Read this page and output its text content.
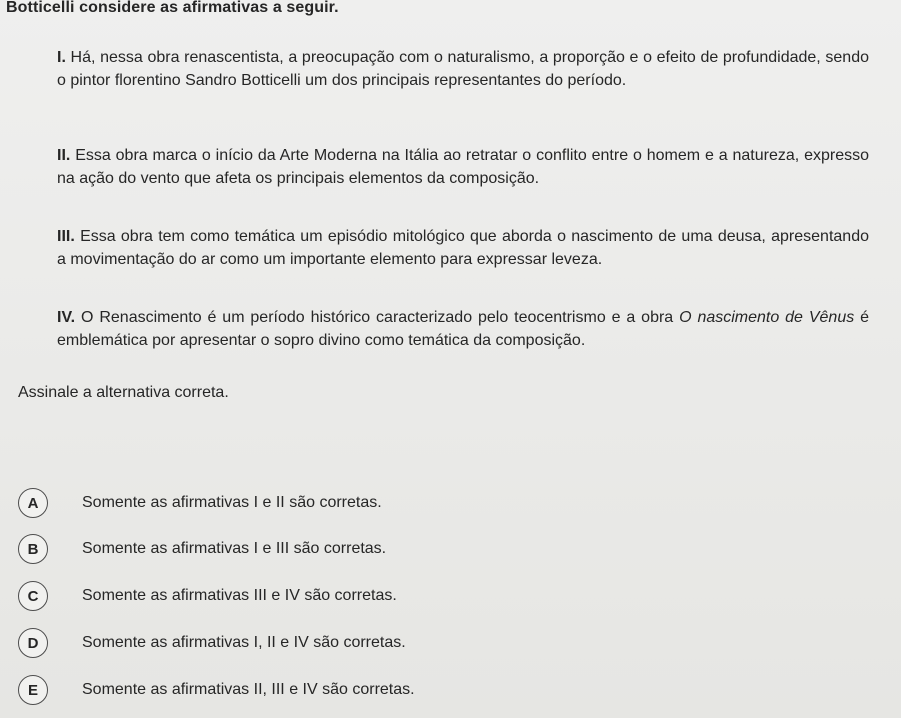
Botticelli considere as afirmativas a seguir.
I. Há, nessa obra renascentista, a preocupação com o naturalismo, a proporção e o efeito de profundidade, sendo o pintor florentino Sandro Botticelli um dos principais representantes do período.
II. Essa obra marca o início da Arte Moderna na Itália ao retratar o conflito entre o homem e a natureza, expresso na ação do vento que afeta os principais elementos da composição.
III. Essa obra tem como temática um episódio mitológico que aborda o nascimento de uma deusa, apresentando a movimentação do ar como um importante elemento para expressar leveza.
IV. O Renascimento é um período histórico caracterizado pelo teocentrismo e a obra O nascimento de Vênus é emblemática por apresentar o sopro divino como temática da composição.
Assinale a alternativa correta.
A	Somente as afirmativas I e II são corretas.
B	Somente as afirmativas I e III são corretas.
C	Somente as afirmativas III e IV são corretas.
D	Somente as afirmativas I, II e IV são corretas.
E	Somente as afirmativas II, III e IV são corretas.
